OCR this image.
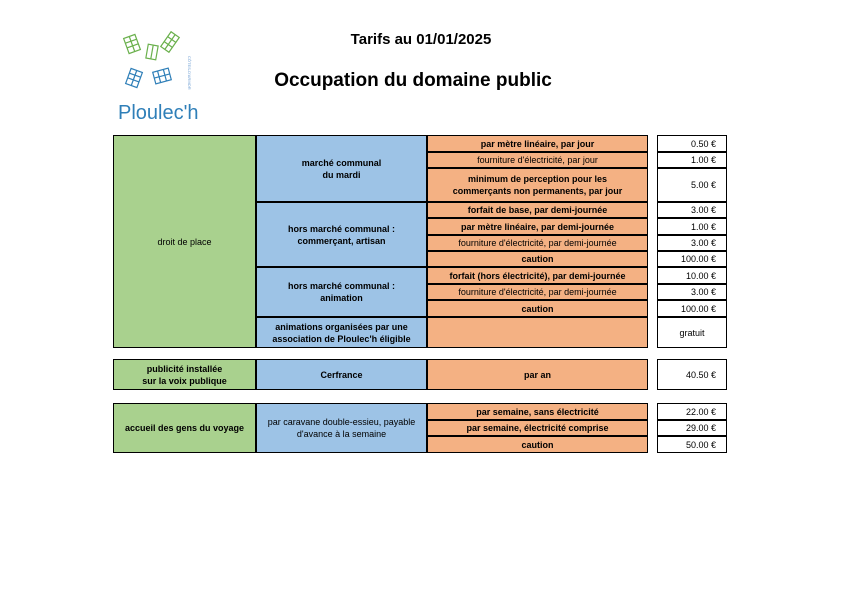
CÔTES-D'ARMOR
Ploulec'h
Tarifs au 01/01/2025
Occupation du domaine public
droit de place
marché communal
du mardi
par mètre linéaire, par jour
fourniture d'électricité, par jour
minimum de perception pour les commerçants non permanents, par jour
hors marché communal :
commerçant, artisan
forfait de base, par demi-journée
par mètre linéaire, par demi-journée
fourniture d'électricité, par demi-journée
caution
hors marché communal :
animation
forfait (hors électricité), par demi-journée
fourniture d'électricité, par demi-journée
caution
animations organisées par une association de Ploulec'h éligible
0.50 €
1.00 €
5.00 €
3.00 €
1.00 €
3.00 €
100.00 €
10.00 €
3.00 €
100.00 €
gratuit
publicité installée
sur la voix publique
Cerfrance	par an	40.50 €
accueil des gens du voyage
par caravane double-essieu, payable d'avance à la semaine
par semaine, sans électricité
par semaine, électricité comprise
caution
22.00 €
29.00 €
50.00 €
